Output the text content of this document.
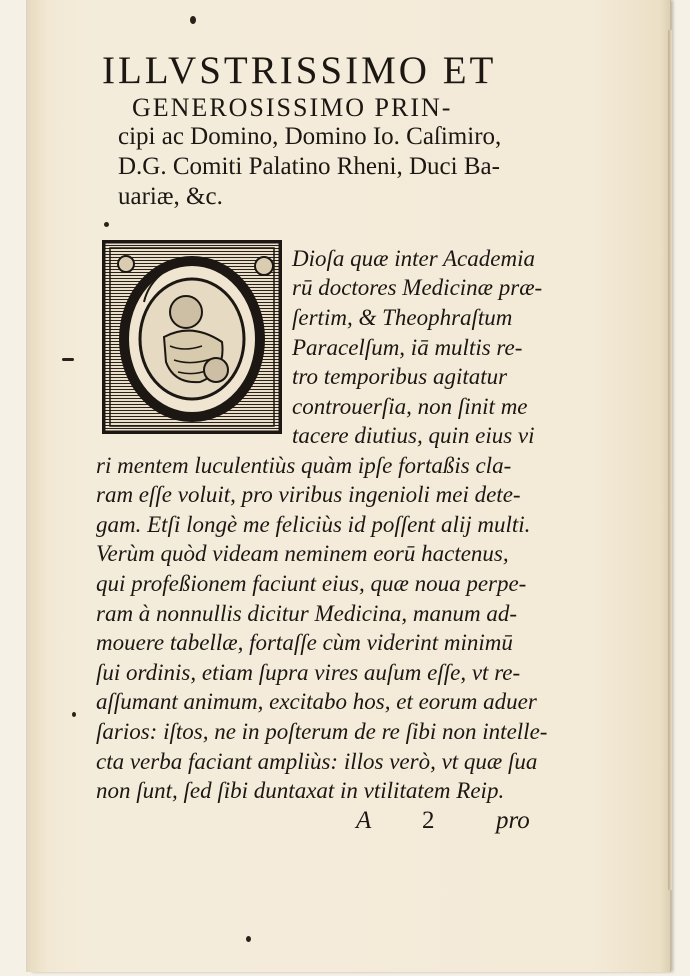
ILLVSTRISSIMO ET
GENEROSISSIMO PRIN-
cipi ac Domino, Domino Io. Caſimiro,
D.G. Comiti Palatino Rheni, Duci Ba-
uariæ, &c.
Dioſa quæ inter Academia
rū doctores Medicinæ præ-
ſertim, & Theophraſtum
Paracelſum, iā multis re-
tro temporibus agitatur
controuerſia, non ſinit me
tacere diutius, quin eius vi
ri mentem luculentiùs quàm ipſe fortaßis cla-
ram eſſe voluit, pro viribus ingenioli mei dete-
gam. Etſi longè me feliciùs id poſſent alij multi.
Verùm quòd videam neminem eorū hactenus,
qui profeßionem faciunt eius, quæ noua perpe-
ram à nonnullis dicitur Medicina, manum ad-
mouere tabellæ, fortaſſe cùm viderint minimū
ſui ordinis, etiam ſupra vires auſum eſſe, vt re-
aſſumant animum, excitabo hos, et eorum aduer
ſarios: iſtos, ne in poſterum de re ſibi non intelle-
cta verba faciant ampliùs: illos verò, vt quæ ſua
non ſunt, ſed ſibi duntaxat in vtilitatem Reip.
A 2 pro
